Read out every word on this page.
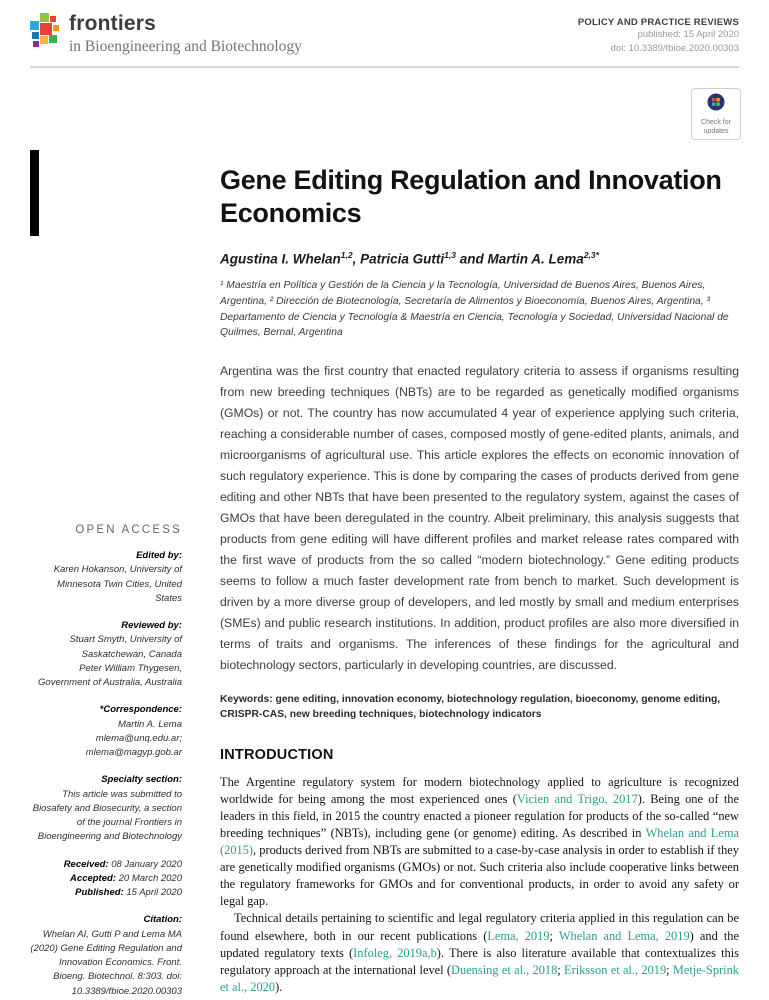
frontiers
in Bioengineering and Biotechnology
POLICY AND PRACTICE REVIEWS
published: 15 April 2020
doi: 10.3389/fbioe.2020.00303
Check for updates
OPEN ACCESS
Edited by:
Karen Hokanson, University of Minnesota Twin Cities, United States
Reviewed by:
Stuart Smyth, University of Saskatchewan, Canada
Peter William Thygesen, Government of Australia, Australia
*Correspondence:
Martin A. Lema
mlema@unq.edu.ar;
mlema@magyp.gob.ar
Specialty section:
This article was submitted to Biosafety and Biosecurity, a section of the journal Frontiers in Bioengineering and Biotechnology
Received: 08 January 2020
Accepted: 20 March 2020
Published: 15 April 2020
Citation:
Whelan AI, Gutti P and Lema MA (2020) Gene Editing Regulation and Innovation Economics. Front. Bioeng. Biotechnol. 8:303. doi: 10.3389/fbioe.2020.00303
Gene Editing Regulation and Innovation Economics
Agustina I. Whelan$^{1,2}$, Patricia Gutti$^{1,3}$ and Martin A. Lema$^{2,3*}$
¹ Maestría en Política y Gestión de la Ciencia y la Tecnología, Universidad de Buenos Aires, Buenos Aires, Argentina, ² Dirección de Biotecnología, Secretaría de Alimentos y Bioeconomía, Buenos Aires, Argentina, ³ Departamento de Ciencia y Tecnología & Maestría en Ciencia, Tecnología y Sociedad, Universidad Nacional de Quilmes, Bernal, Argentina
Argentina was the first country that enacted regulatory criteria to assess if organisms resulting from new breeding techniques (NBTs) are to be regarded as genetically modified organisms (GMOs) or not. The country has now accumulated 4 year of experience applying such criteria, reaching a considerable number of cases, composed mostly of gene-edited plants, animals, and microorganisms of agricultural use. This article explores the effects on economic innovation of such regulatory experience. This is done by comparing the cases of products derived from gene editing and other NBTs that have been presented to the regulatory system, against the cases of GMOs that have been deregulated in the country. Albeit preliminary, this analysis suggests that products from gene editing will have different profiles and market release rates compared with the first wave of products from the so called “modern biotechnology.” Gene editing products seems to follow a much faster development rate from bench to market. Such development is driven by a more diverse group of developers, and led mostly by small and medium enterprises (SMEs) and public research institutions. In addition, product profiles are also more diversified in terms of traits and organisms. The inferences of these findings for the agricultural and biotechnology sectors, particularly in developing countries, are discussed.
Keywords: gene editing, innovation economy, biotechnology regulation, bioeconomy, genome editing, CRISPR-CAS, new breeding techniques, biotechnology indicators
INTRODUCTION

The Argentine regulatory system for modern biotechnology applied to agriculture is recognized worldwide for being among the most experienced ones (Vicien and Trigo, 2017). Being one of the leaders in this field, in 2015 the country enacted a pioneer regulation for products of the so-called “new breeding techniques” (NBTs), including gene (or genome) editing. As described in Whelan and Lema (2015), products derived from NBTs are submitted to a case-by-case analysis in order to establish if they are genetically modified organisms (GMOs) or not. Such criteria also include cooperative links between the regulatory frameworks for GMOs and for conventional products, in order to avoid any safety or legal gap.

Technical details pertaining to scientific and legal regulatory criteria applied in this regulation can be found elsewhere, both in our recent publications (Lema, 2019; Whelan and Lema, 2019) and the updated regulatory texts (Infoleg, 2019a,b). There is also literature available that contextualizes this regulatory approach at the international level (Duensing et al., 2018; Eriksson et al., 2019; Metje-Sprink et al., 2020).
